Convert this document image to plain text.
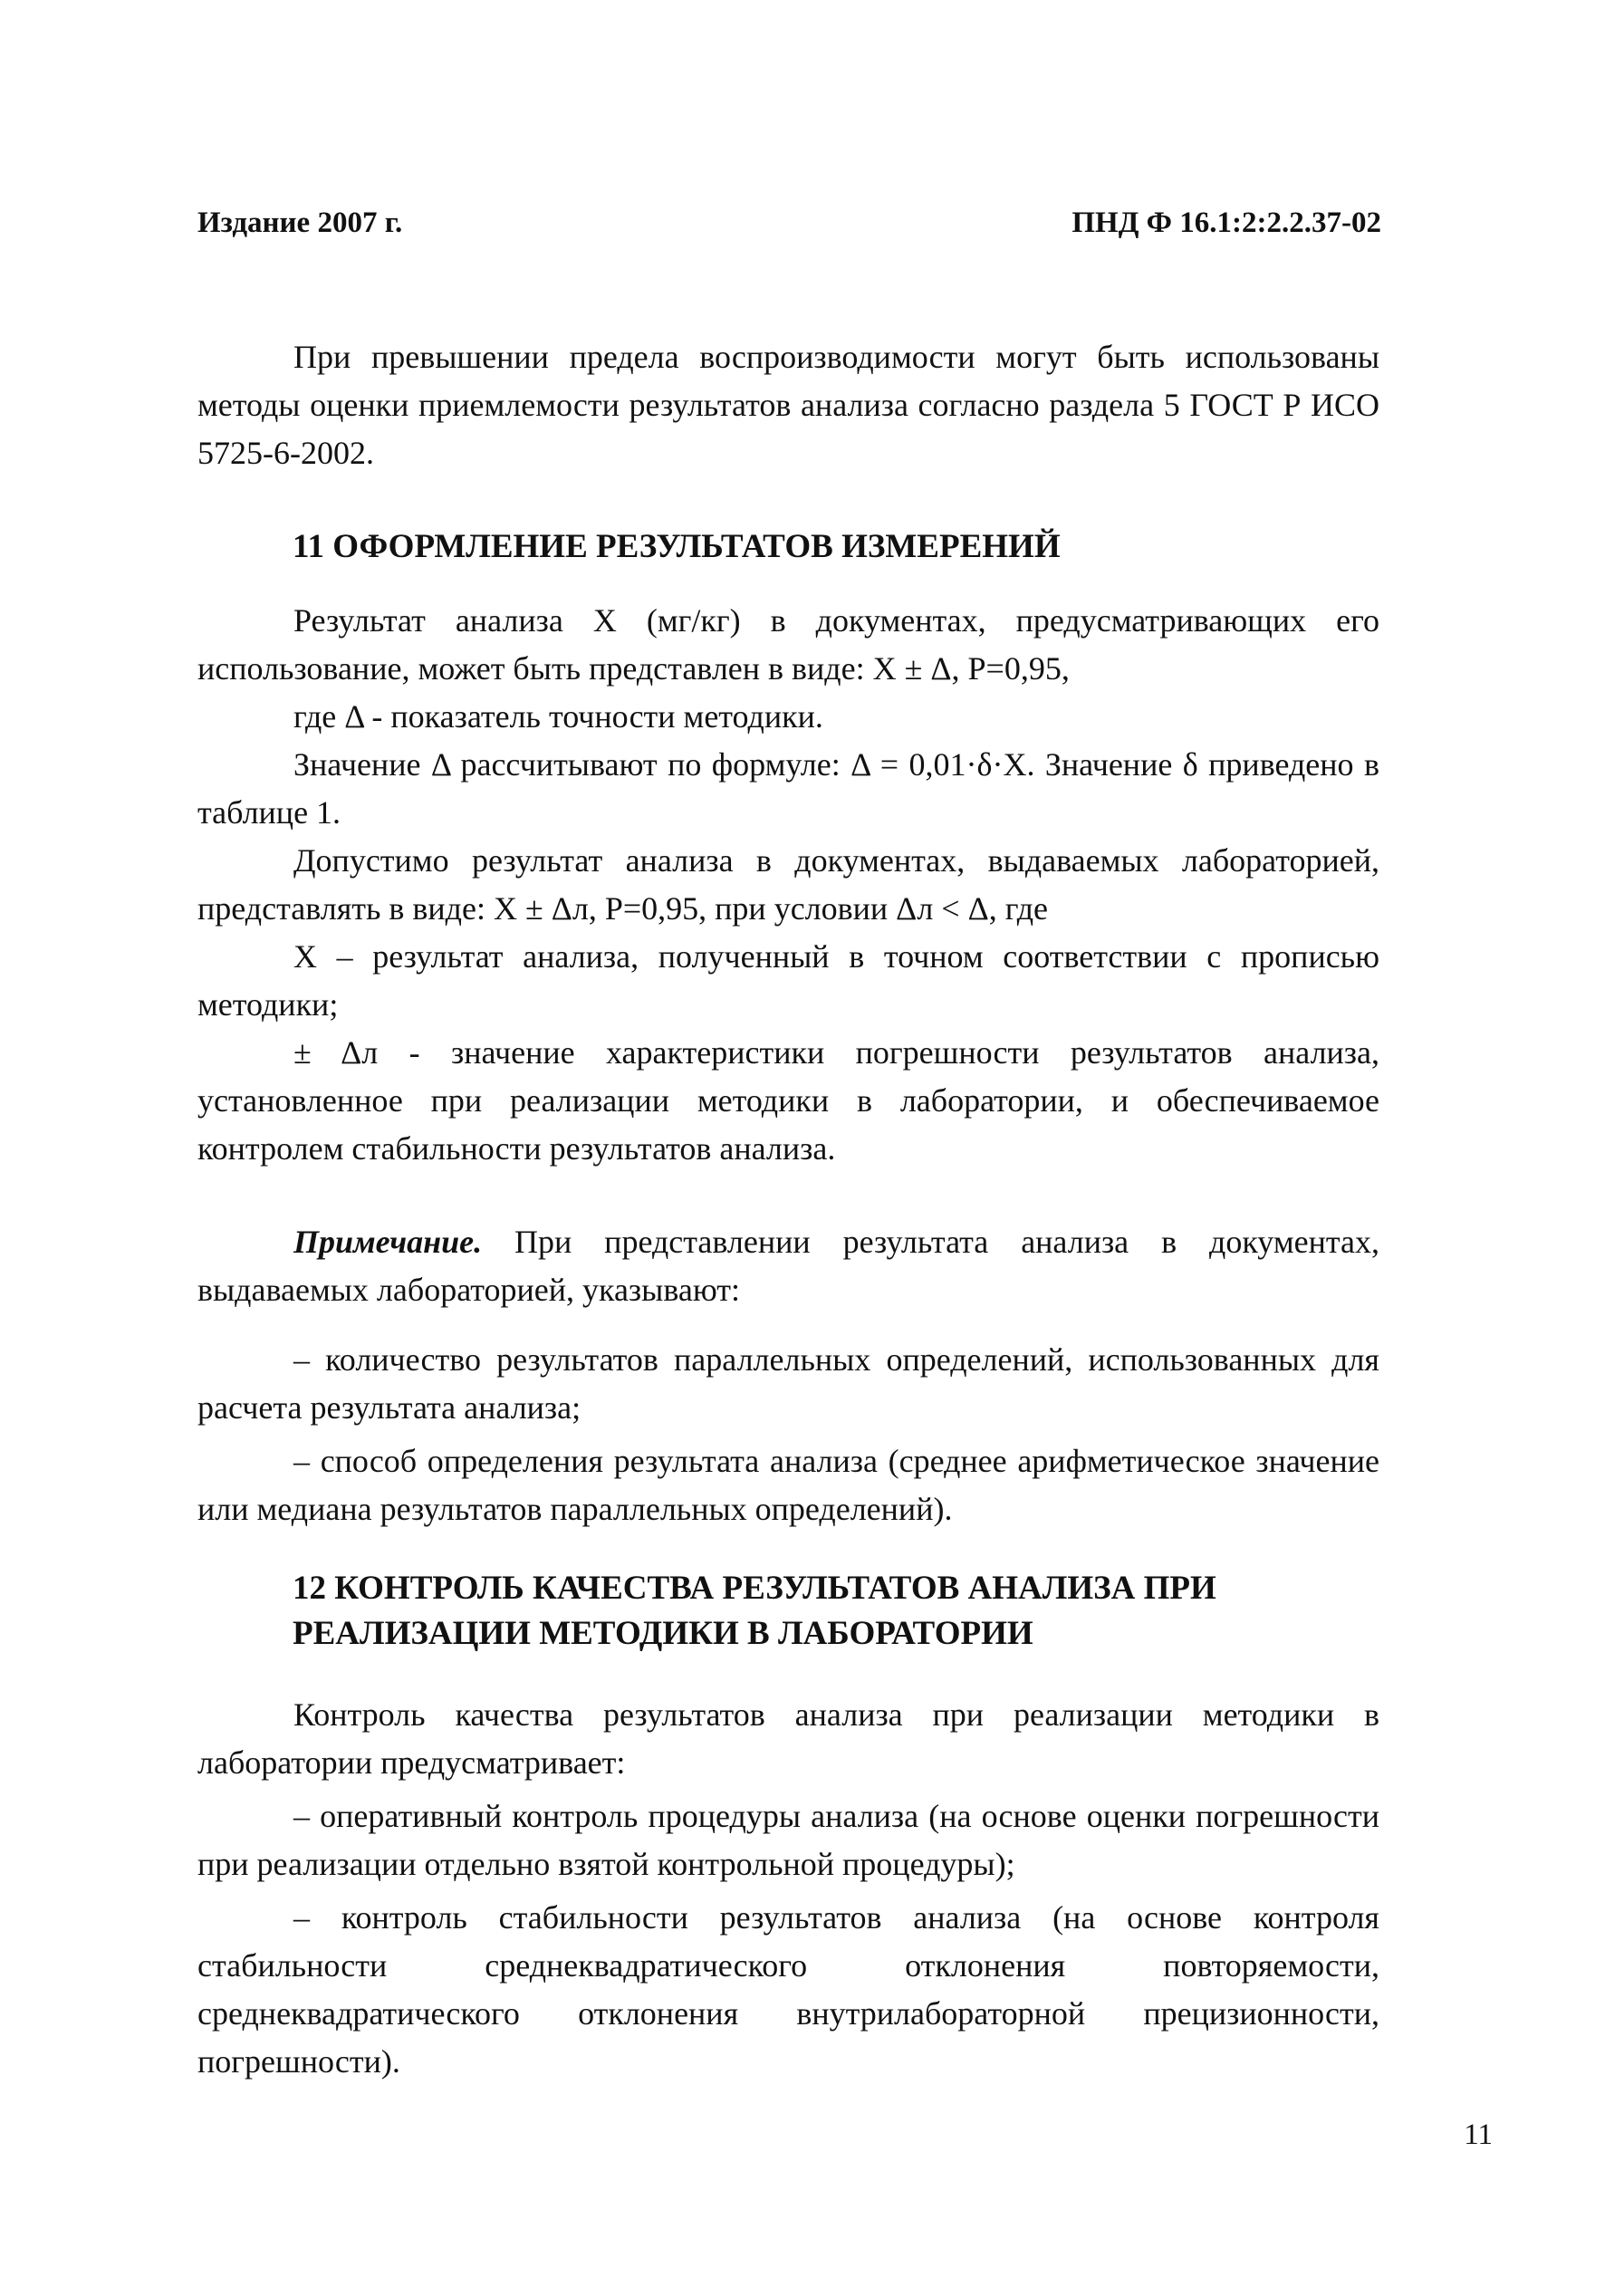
Издание 2007 г.	ПНД Ф 16.1:2:2.2.37-02

При превышении предела воспроизводимости могут быть использованы методы оценки приемлемости результатов анализа согласно раздела 5 ГОСТ Р ИСО 5725-6-2002.

11 ОФОРМЛЕНИЕ РЕЗУЛЬТАТОВ ИЗМЕРЕНИЙ

Результат анализа X (мг/кг) в документах, предусматривающих его использование, может быть представлен в виде: X ± Δ, P=0,95,

где Δ - показатель точности методики.

Значение Δ рассчитывают по формуле: Δ = 0,01·δ·X. Значение δ приведено в таблице 1.

Допустимо результат анализа в документах, выдаваемых лабораторией, представлять в виде: X ± Δл, P=0,95, при условии Δл < Δ, где

X – результат анализа, полученный в точном соответствии с прописью методики;

± Δл - значение характеристики погрешности результатов анализа, установленное при реализации методики в лаборатории, и обеспечиваемое контролем стабильности результатов анализа.

Примечание. При представлении результата анализа в документах, выдаваемых лабораторией, указывают:

– количество результатов параллельных определений, использованных для расчета результата анализа;

– способ определения результата анализа (среднее арифметическое значение или медиана результатов параллельных определений).

12 КОНТРОЛЬ КАЧЕСТВА РЕЗУЛЬТАТОВ АНАЛИЗА ПРИ РЕАЛИЗАЦИИ МЕТОДИКИ В ЛАБОРАТОРИИ

Контроль качества результатов анализа при реализации методики в лаборатории предусматривает:

– оперативный контроль процедуры анализа (на основе оценки погрешности при реализации отдельно взятой контрольной процедуры);

– контроль стабильности результатов анализа (на основе контроля стабильности среднеквадратического отклонения повторяемости, среднеквадратического отклонения внутрилабораторной прецизионности, погрешности).

11
